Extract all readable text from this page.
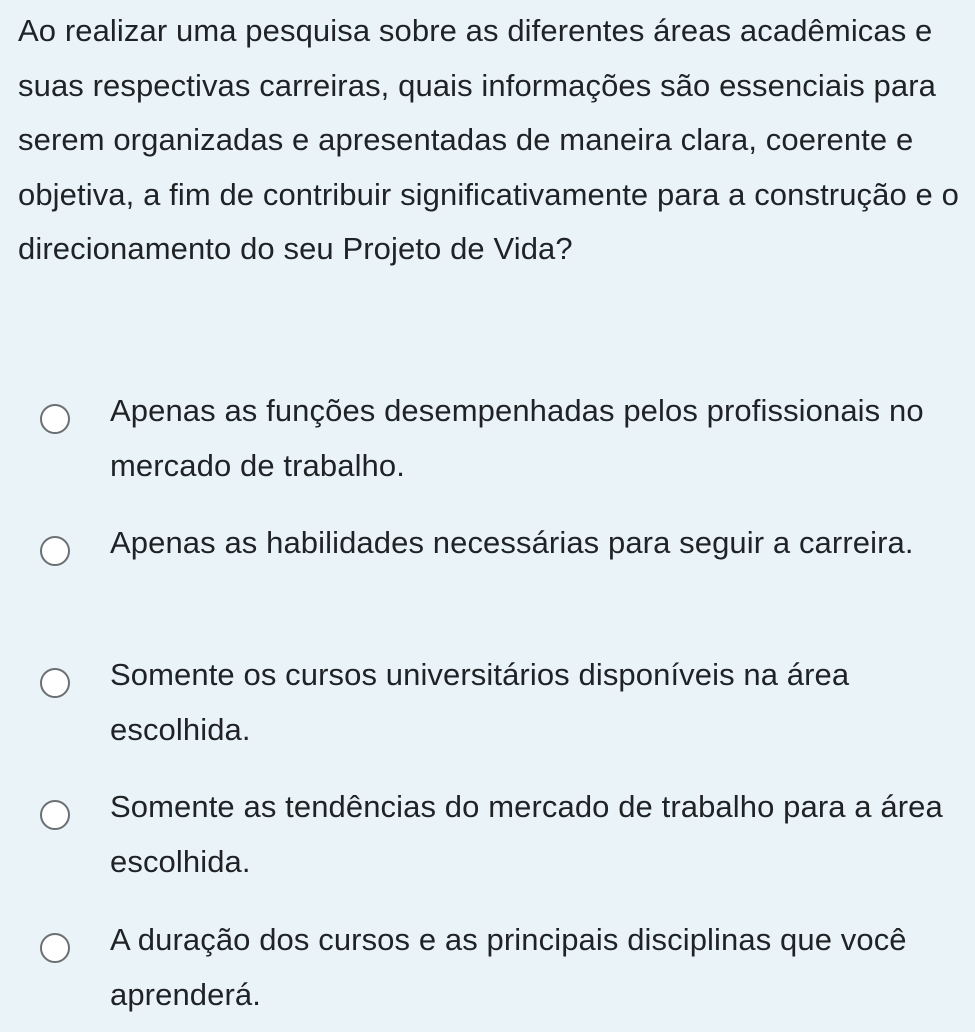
Ao realizar uma pesquisa sobre as diferentes áreas acadêmicas e suas respectivas carreiras, quais informações são essenciais para serem organizadas e apresentadas de maneira clara, coerente e objetiva, a fim de contribuir significativamente para a construção e o direcionamento do seu Projeto de Vida?

Apenas as funções desempenhadas pelos profissionais no mercado de trabalho.
Apenas as habilidades necessárias para seguir a carreira.
Somente os cursos universitários disponíveis na área escolhida.
Somente as tendências do mercado de trabalho para a área escolhida.
A duração dos cursos e as principais disciplinas que você aprenderá.
